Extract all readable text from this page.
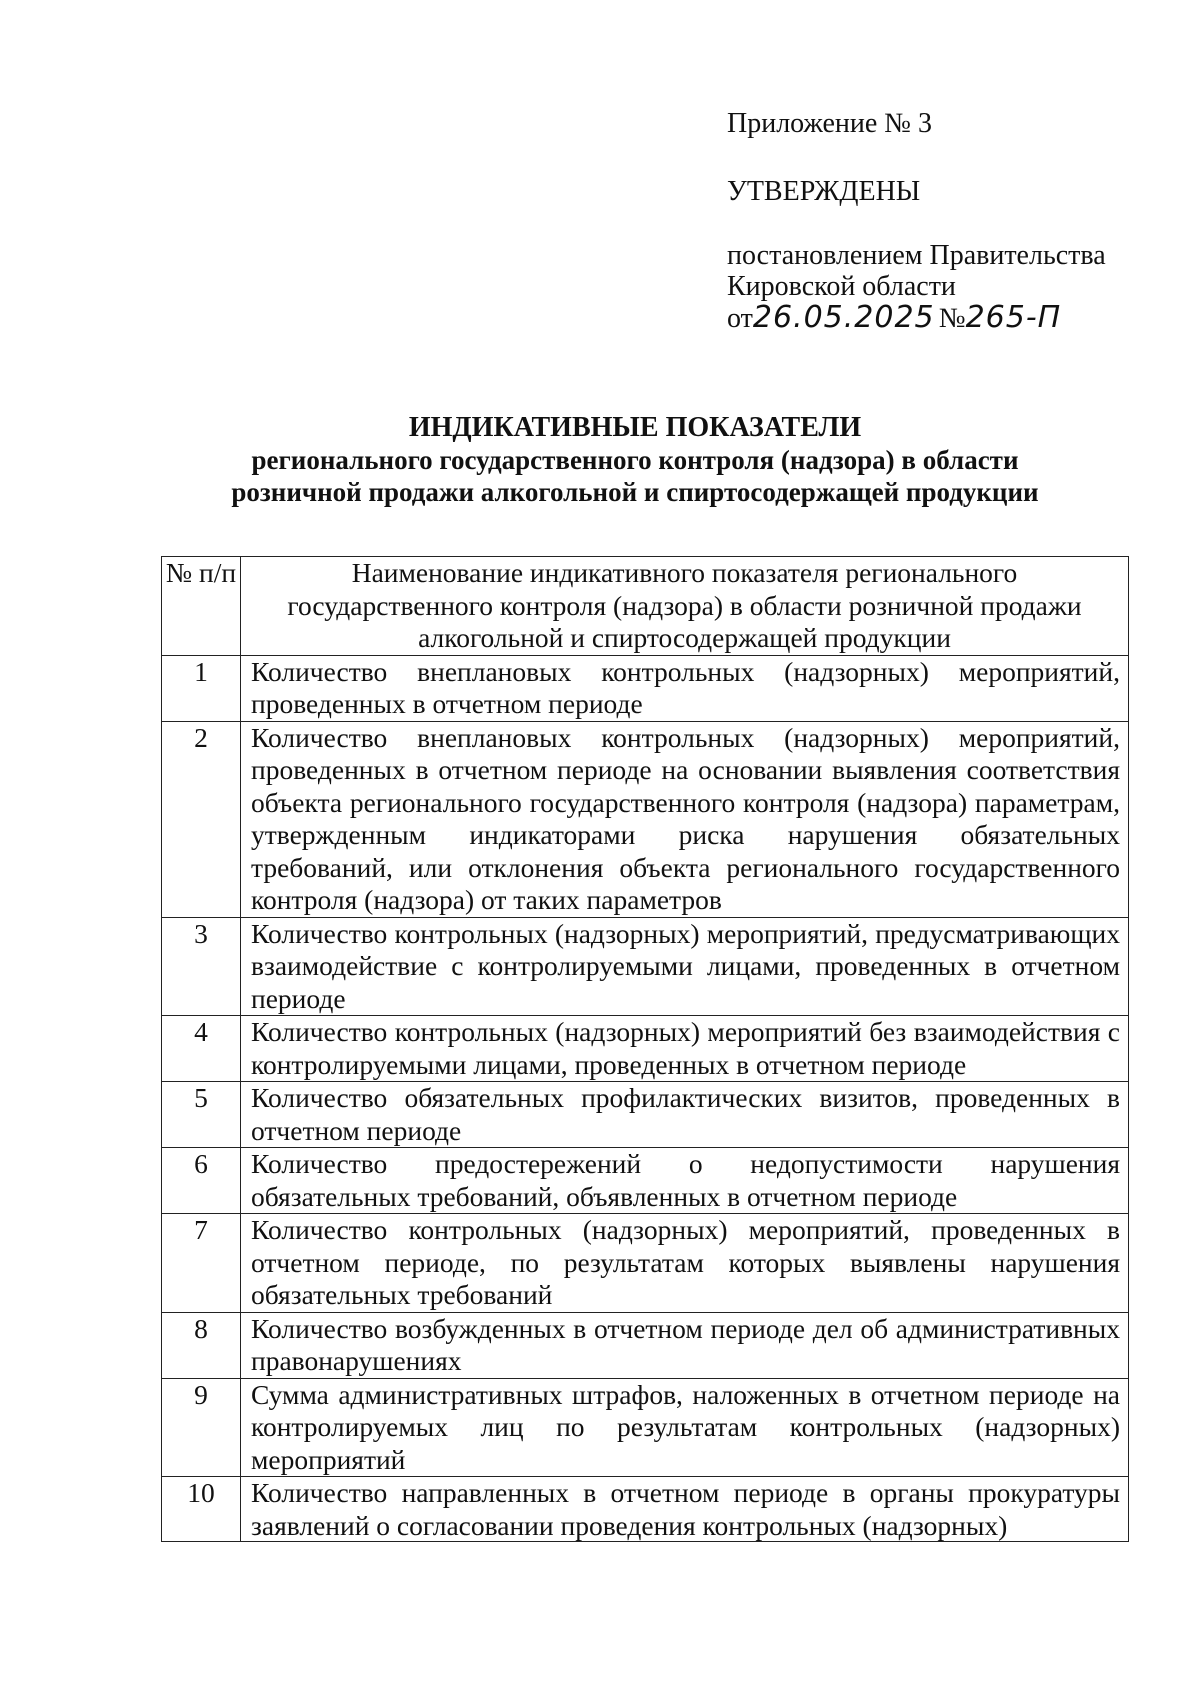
Приложение № 3

УТВЕРЖДЕНЫ

постановлением Правительства

Кировской области

от26.05.2025 №265-П

ИНДИКАТИВНЫЕ ПОКАЗАТЕЛИ
регионального государственного контроля (надзора) в области
розничной продажи алкогольной и спиртосодержащей продукции
№ п/п	Наименование индикативного показателя регионального государственного контроля (надзора) в области розничной продажи алкогольной и спиртосодержащей продукции
1	Количество внеплановых контрольных (надзорных) мероприятий, проведенных в отчетном периоде
2	Количество внеплановых контрольных (надзорных) мероприятий, проведенных в отчетном периоде на основании выявления соответствия объекта регионального государственного контроля (надзора) параметрам, утвержденным индикаторами риска нарушения обязательных требований, или отклонения объекта регионального государственного контроля (надзора) от таких параметров
3	Количество контрольных (надзорных) мероприятий, предусматривающих взаимодействие с контролируемыми лицами, проведенных в отчетном периоде
4	Количество контрольных (надзорных) мероприятий без взаимодействия с контролируемыми лицами, проведенных в отчетном периоде
5	Количество обязательных профилактических визитов, проведенных в отчетном периоде
6	Количество предостережений о недопустимости нарушения обязательных требований, объявленных в отчетном периоде
7	Количество контрольных (надзорных) мероприятий, проведенных в отчетном периоде, по результатам которых выявлены нарушения обязательных требований
8	Количество возбужденных в отчетном периоде дел об административных правонарушениях
9	Сумма административных штрафов, наложенных в отчетном периоде на контролируемых лиц по результатам контрольных (надзорных) мероприятий
10	Количество направленных в отчетном периоде в органы прокуратуры заявлений о согласовании проведения контрольных (надзорных)
